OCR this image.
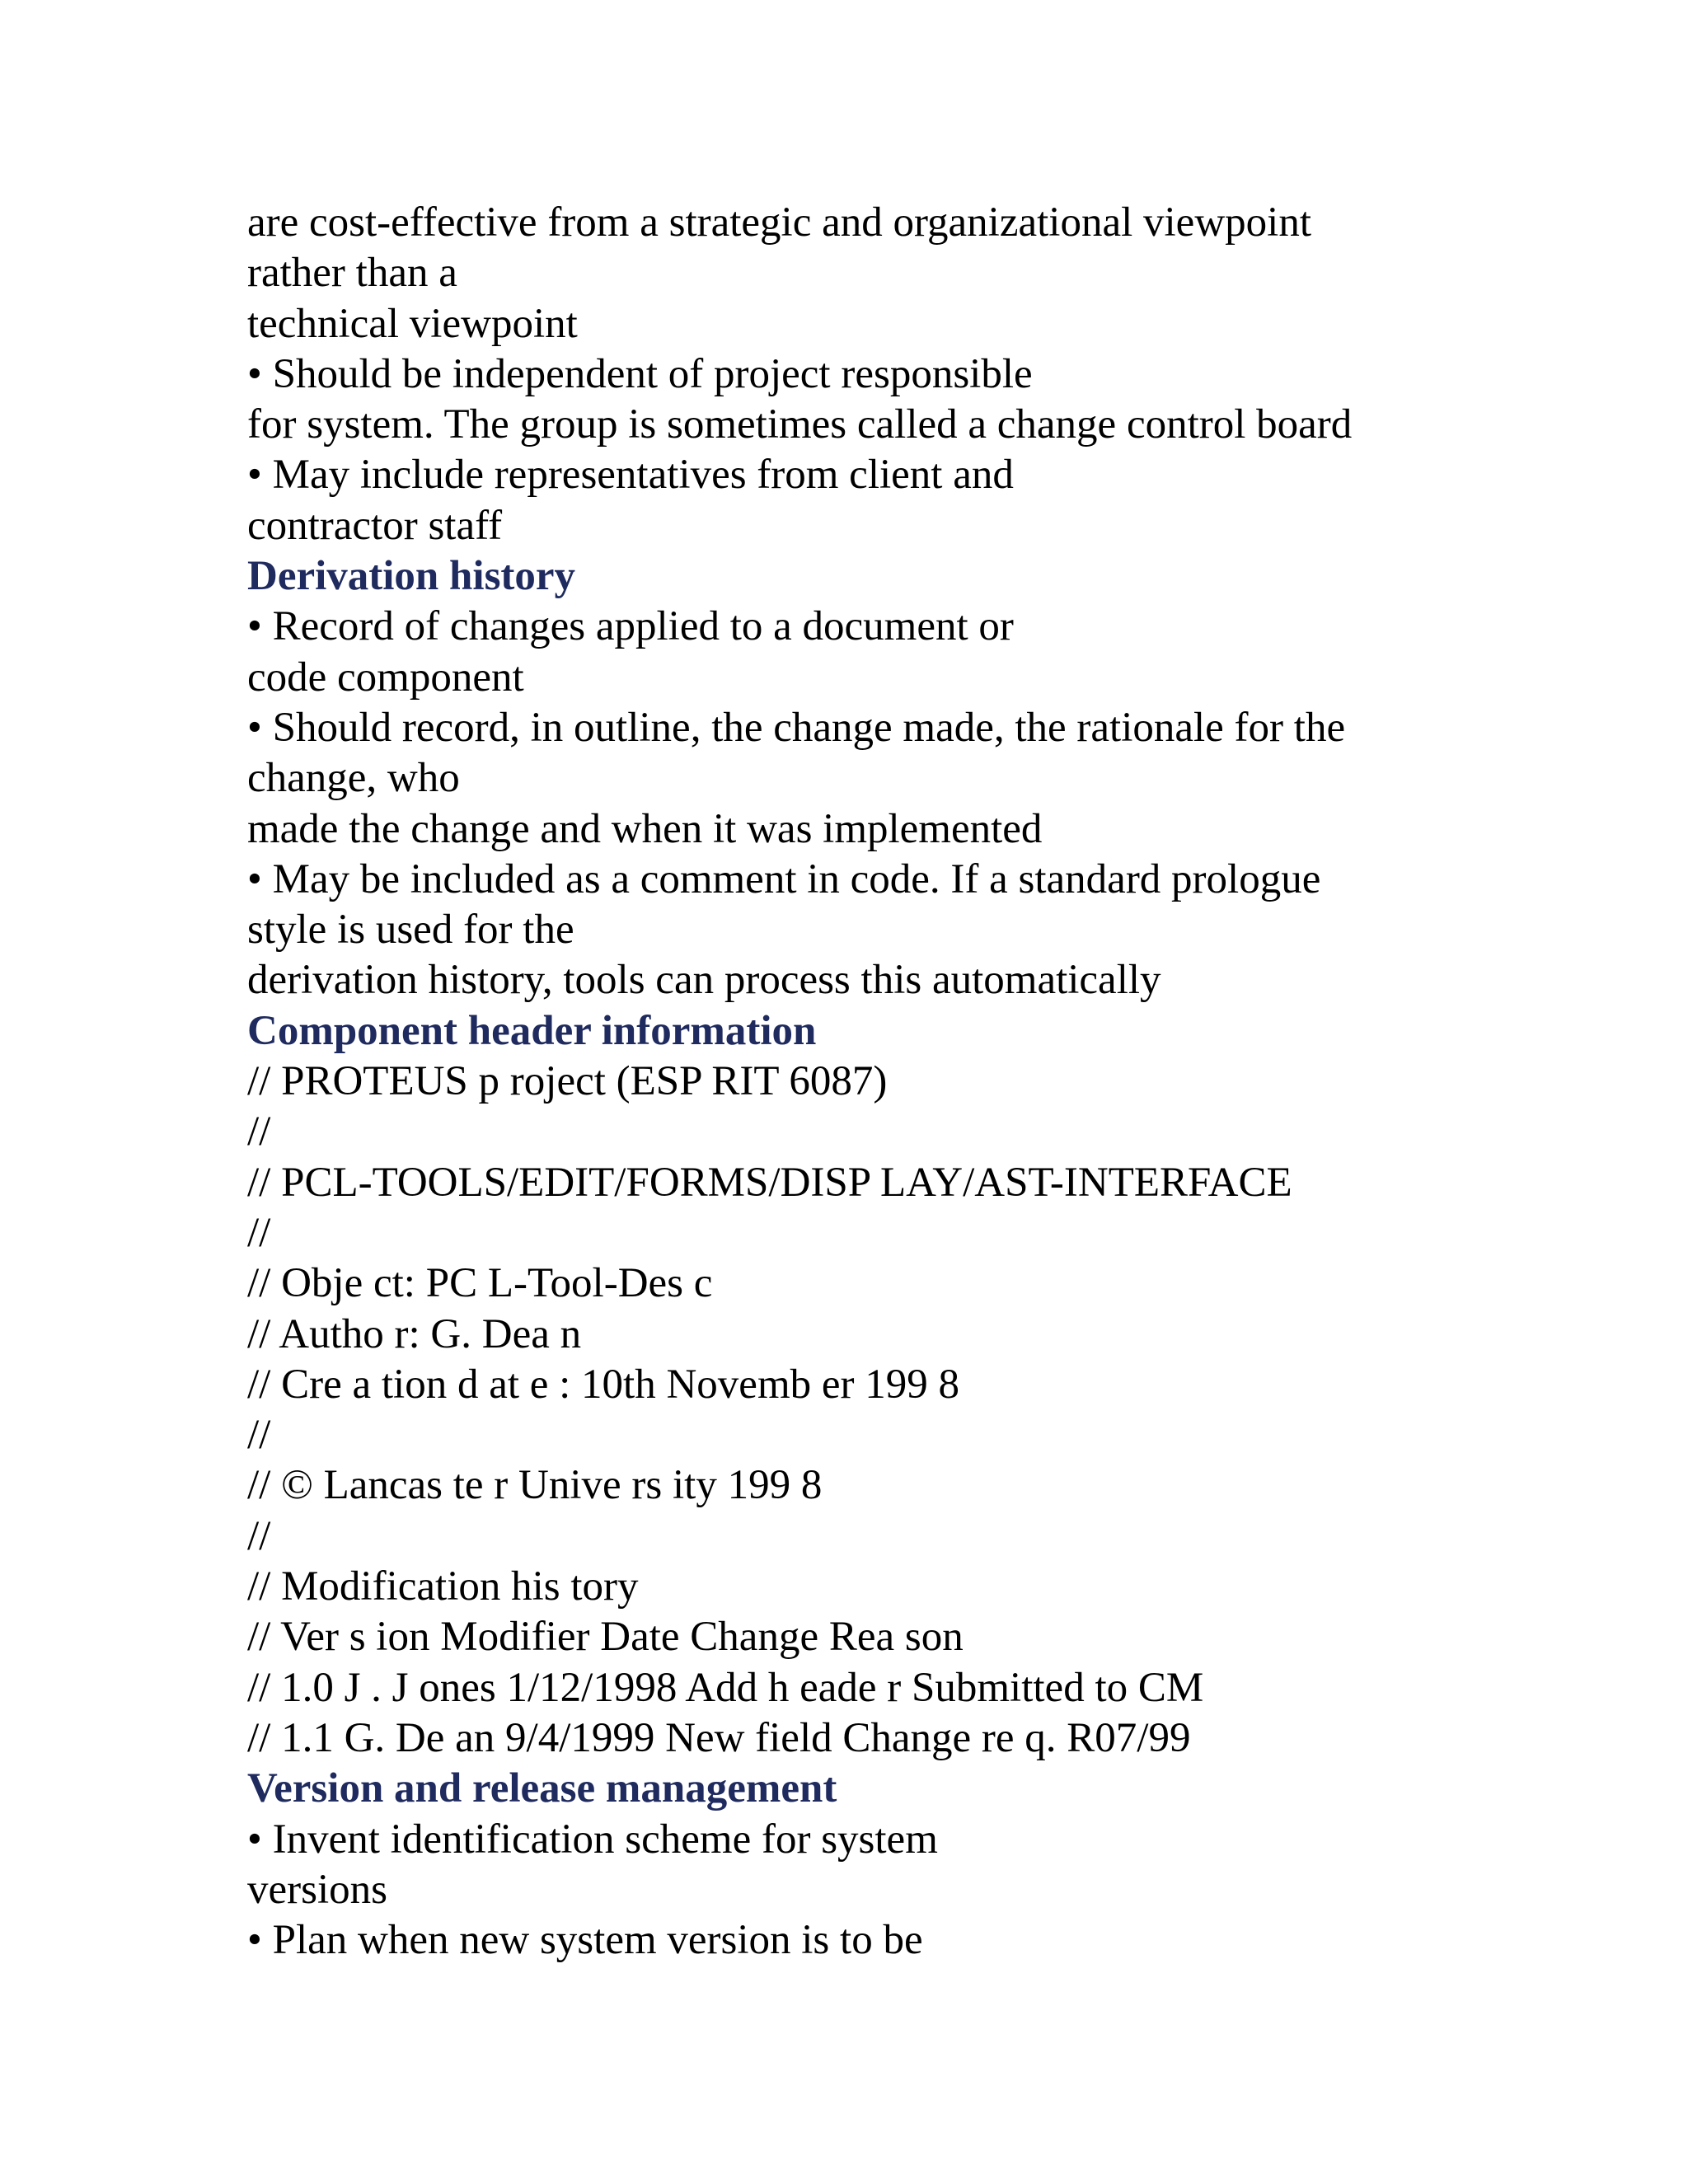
are cost-effective from a strategic and organizational viewpoint
rather than a
technical viewpoint
• Should be independent of project responsible
for system. The group is sometimes called a change control board
• May include representatives from client and
contractor staff
Derivation history
• Record of changes applied to a document or
code component
• Should record, in outline, the change made, the rationale for the
change, who
made the change and when it was implemented
• May be included as a comment in code. If a standard prologue
style is used for the
derivation history, tools can process this automatically
Component header information
// PROTEUS p roject (ESP RIT 6087)
//
// PCL-TOOLS/EDIT/FORMS/DISP LAY/AST-INTERFACE
//
// Obje ct: PC L-Tool-Des c
// Autho r: G. Dea n
// Cre a tion d at e : 10th Novemb er 199 8
//
// © Lancas te r Unive rs ity 199 8
//
// Modification his tory
// Ver s ion Modifier Date Change Rea son
// 1.0 J . J ones 1/12/1998 Add h eade r Submitted to CM
// 1.1 G. De an 9/4/1999 New field Change re q. R07/99
Version and release management
• Invent identification scheme for system
versions
• Plan when new system version is to be
